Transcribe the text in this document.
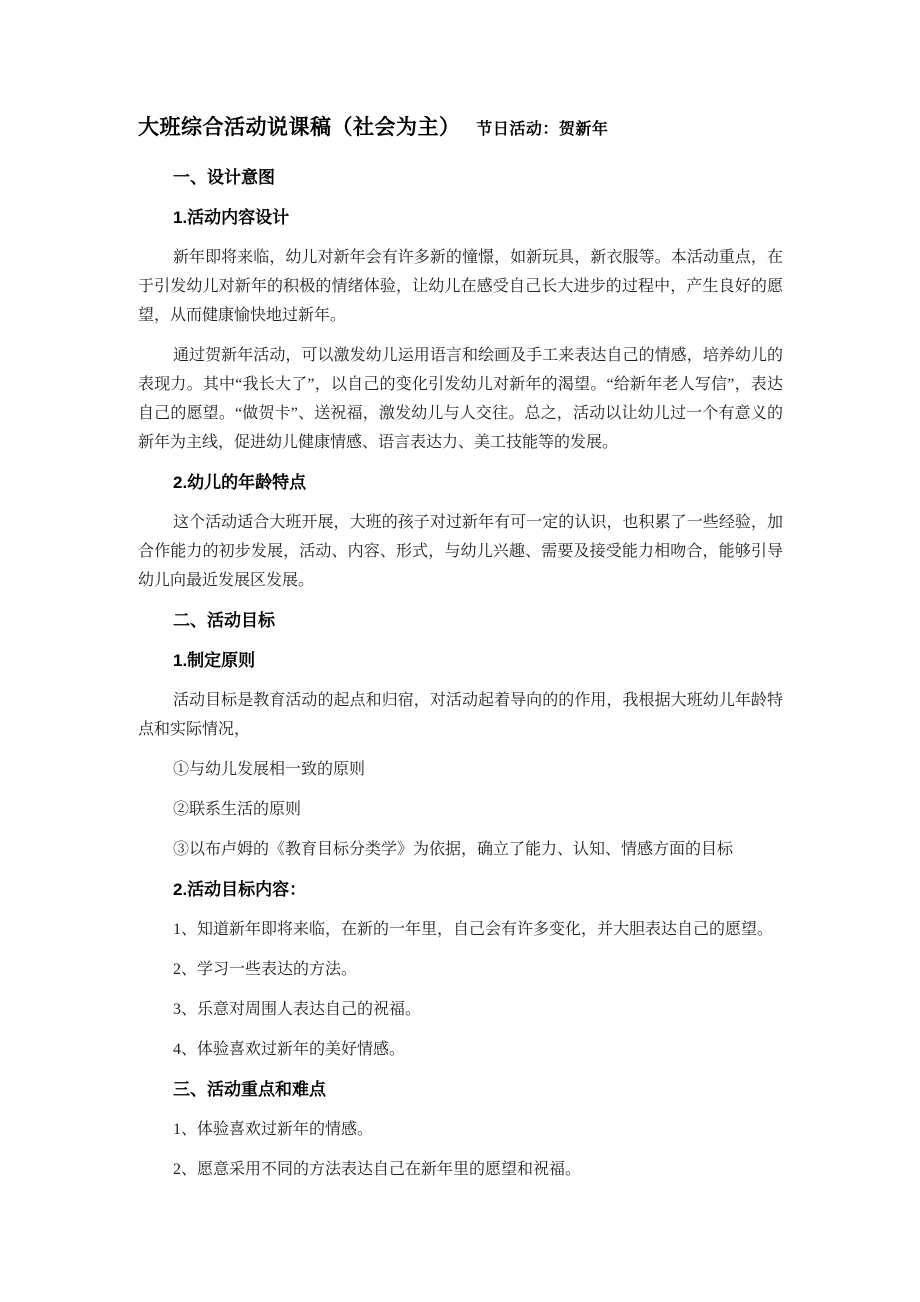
大班综合活动说课稿（社会为主） 节日活动：贺新年
一、设计意图
1.活动内容设计

新年即将来临，幼儿对新年会有许多新的憧憬，如新玩具，新衣服等。本活动重点，在于引发幼儿对新年的积极的情绪体验，让幼儿在感受自己长大进步的过程中，产生良好的愿望，从而健康愉快地过新年。

通过贺新年活动，可以激发幼儿运用语言和绘画及手工来表达自己的情感，培养幼儿的表现力。其中“我长大了”，以自己的变化引发幼儿对新年的渴望。“给新年老人写信”，表达自己的愿望。“做贺卡”、送祝福，激发幼儿与人交往。总之，活动以让幼儿过一个有意义的新年为主线，促进幼儿健康情感、语言表达力、美工技能等的发展。

2.幼儿的年龄特点

这个活动适合大班开展，大班的孩子对过新年有可一定的认识，也积累了一些经验，加合作能力的初步发展，活动、内容、形式，与幼儿兴趣、需要及接受能力相吻合，能够引导幼儿向最近发展区发展。

二、活动目标
1.制定原则

活动目标是教育活动的起点和归宿，对活动起着导向的的作用，我根据大班幼儿年龄特点和实际情况，

①与幼儿发展相一致的原则

②联系生活的原则

③以布卢姆的《教育目标分类学》为依据，确立了能力、认知、情感方面的目标

2.活动目标内容：

1、知道新年即将来临，在新的一年里，自己会有许多变化，并大胆表达自己的愿望。

2、学习一些表达的方法。

3、乐意对周围人表达自己的祝福。

4、体验喜欢过新年的美好情感。

三、活动重点和难点

1、体验喜欢过新年的情感。

2、愿意采用不同的方法表达自己在新年里的愿望和祝福。
